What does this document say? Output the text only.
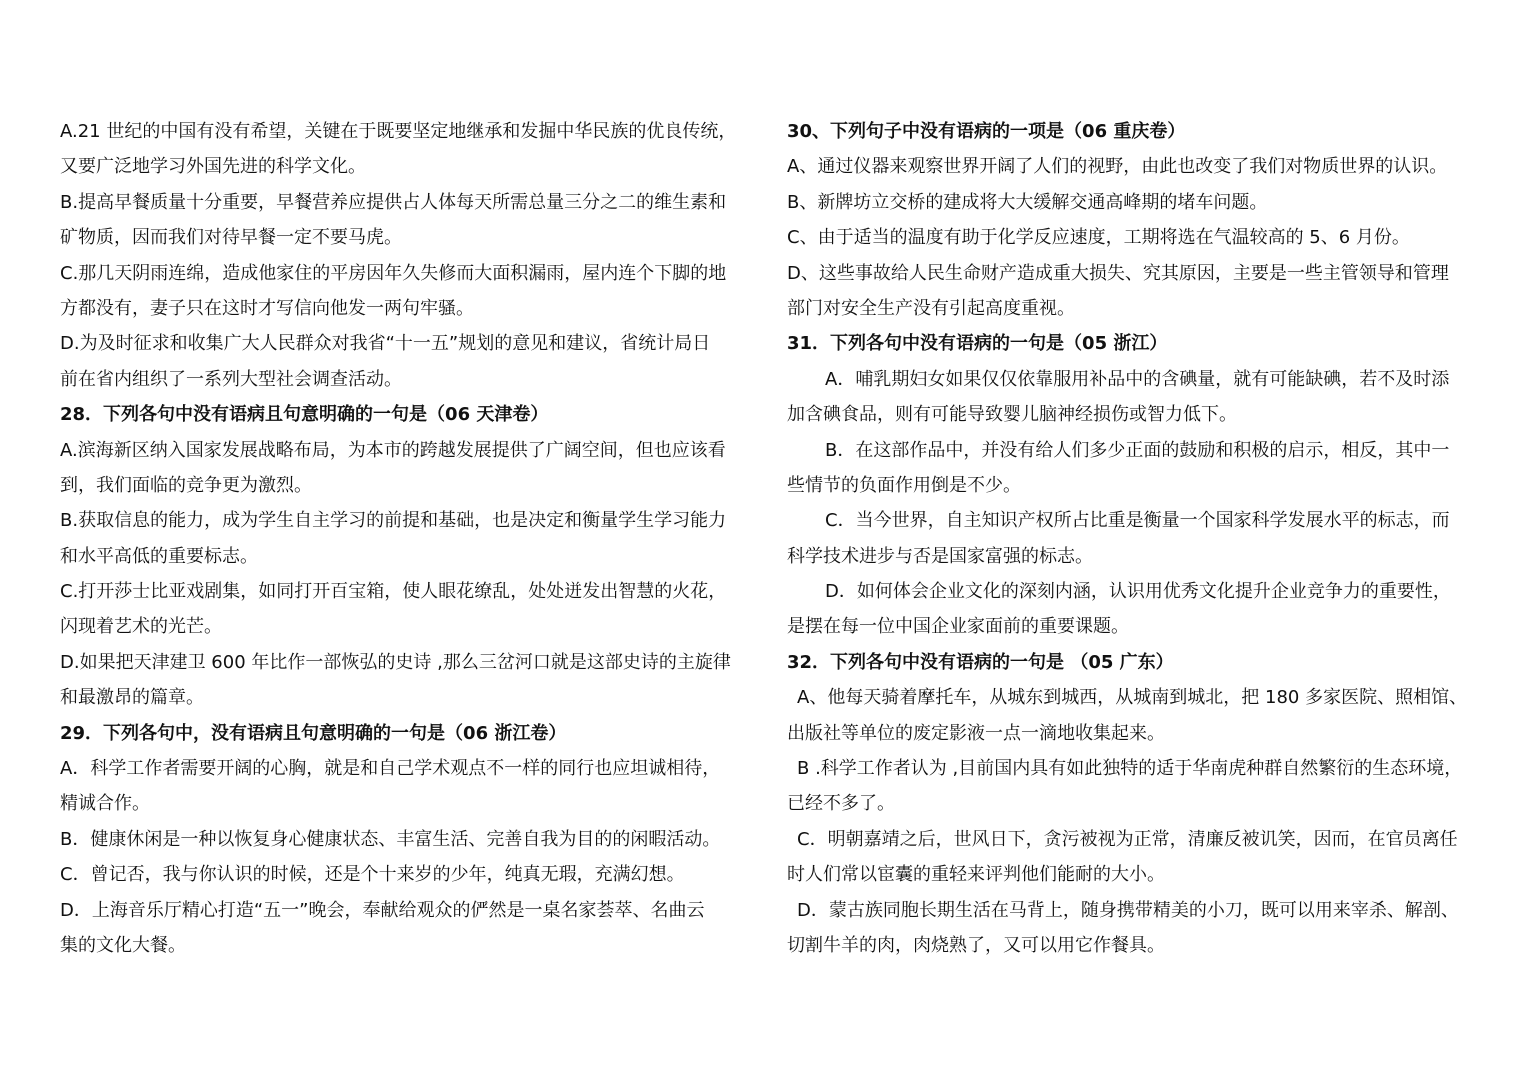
A.21 世纪的中国有没有希望，关键在于既要坚定地继承和发掘中华民族的优良传统，
又要广泛地学习外国先进的科学文化。
B.提高早餐质量十分重要，早餐营养应提供占人体每天所需总量三分之二的维生素和
矿物质，因而我们对待早餐一定不要马虎。
C.那几天阴雨连绵，造成他家住的平房因年久失修而大面积漏雨，屋内连个下脚的地
方都没有，妻子只在这时才写信向他发一两句牢骚。
D.为及时征求和收集广大人民群众对我省“十一五”规划的意见和建议，省统计局日
前在省内组织了一系列大型社会调查活动。
28．下列各句中没有语病且句意明确的一句是（06 天津卷）
A.滨海新区纳入国家发展战略布局，为本市的跨越发展提供了广阔空间，但也应该看
到，我们面临的竞争更为激烈。
B.获取信息的能力，成为学生自主学习的前提和基础，也是决定和衡量学生学习能力
和水平高低的重要标志。
C.打开莎士比亚戏剧集，如同打开百宝箱，使人眼花缭乱，处处迸发出智慧的火花，
闪现着艺术的光芒。
D.如果把天津建卫 600 年比作一部恢弘的史诗 ,那么三岔河口就是这部史诗的主旋律
和最激昂的篇章。
29．下列各句中，没有语病且句意明确的一句是（06 浙江卷）
A．科学工作者需要开阔的心胸，就是和自己学术观点不一样的同行也应坦诚相待，
精诚合作。
B．健康休闲是一种以恢复身心健康状态、丰富生活、完善自我为目的的闲暇活动。
C．曾记否，我与你认识的时候，还是个十来岁的少年，纯真无瑕，充满幻想。
D．上海音乐厅精心打造“五一”晚会，奉献给观众的俨然是一桌名家荟萃、名曲云
集的文化大餐。
30、下列句子中没有语病的一项是（06 重庆卷）
A、通过仪器来观察世界开阔了人们的视野，由此也改变了我们对物质世界的认识。
B、新牌坊立交桥的建成将大大缓解交通高峰期的堵车问题。
C、由于适当的温度有助于化学反应速度，工期将选在气温较高的 5、6 月份。
D、这些事故给人民生命财产造成重大损失、究其原因，主要是一些主管领导和管理
部门对安全生产没有引起高度重视。
31．下列各句中没有语病的一句是（05 浙江）
A．哺乳期妇女如果仅仅依靠服用补品中的含碘量，就有可能缺碘，若不及时添
加含碘食品，则有可能导致婴儿脑神经损伤或智力低下。
B．在这部作品中，并没有给人们多少正面的鼓励和积极的启示，相反，其中一
些情节的负面作用倒是不少。
C．当今世界，自主知识产权所占比重是衡量一个国家科学发展水平的标志，而
科学技术进步与否是国家富强的标志。
D．如何体会企业文化的深刻内涵，认识用优秀文化提升企业竞争力的重要性，
是摆在每一位中国企业家面前的重要课题。
32．下列各句中没有语病的一句是 （05 广东）
A、他每天骑着摩托车，从城东到城西，从城南到城北，把 180 多家医院、照相馆、
出版社等单位的废定影液一点一滴地收集起来。
B .科学工作者认为 ,目前国内具有如此独特的适于华南虎种群自然繁衍的生态环境，
已经不多了。
C．明朝嘉靖之后，世风日下，贪污被视为正常，清廉反被讥笑，因而，在官员离任
时人们常以宦囊的重轻来评判他们能耐的大小。
D．蒙古族同胞长期生活在马背上，随身携带精美的小刀，既可以用来宰杀、解剖、
切割牛羊的肉，肉烧熟了，又可以用它作餐具。
